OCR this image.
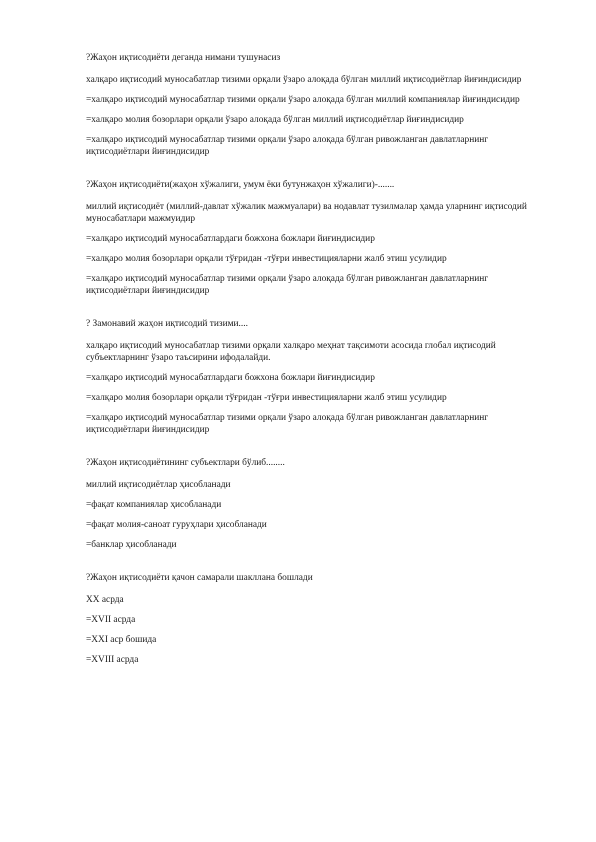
?Жаҳон иқтисодиёти деганда нимани тушунасиз

халқаро иқтисодий муносабатлар тизими орқали ўзаро алоқада бўлган миллий иқтисодиётлар йиғиндисидир

=халқаро иқтисодий муносабатлар тизими орқали ўзаро алоқада бўлган миллий компаниялар йиғиндисидир

=халқаро молия бозорлари орқали ўзаро алоқада бўлган миллий иқтисодиётлар йиғиндисидир

=халқаро иқтисодий муносабатлар тизими орқали ўзаро алоқада бўлган ривожланган давлатларнинг иқтисодиётлари йиғиндисидир

?Жаҳон иқтисодиёти(жаҳон хўжалиги, умум ёки бутунжаҳон хўжалиги)-.......

миллий иқтисодиёт (миллий-давлат хўжалик мажмуалари) ва нодавлат тузилмалар ҳамда уларнинг иқтисодий муносабатлари мажмуидир

=халқаро иқтисодий муносабатлардаги божхона божлари йиғиндисидир

=халқаро молия бозорлари орқали тўғридан -тўғри инвестицияларни жалб этиш усулидир

=халқаро иқтисодий муносабатлар тизими орқали ўзаро алоқада бўлган ривожланган давлатларнинг иқтисодиётлари йиғиндисидир

? Замонавий жаҳон иқтисодий тизими....

халқаро иқтисодий муносабатлар тизими орқали халқаро меҳнат тақсимоти асосида глобал иқтисодий субъектларнинг ўзаро таъсирини ифодалайди.

=халқаро иқтисодий муносабатлардаги божхона божлари йиғиндисидир

=халқаро молия бозорлари орқали тўғридан -тўғри инвестицияларни жалб этиш усулидир

=халқаро иқтисодий муносабатлар тизими орқали ўзаро алоқада бўлган ривожланган давлатларнинг иқтисодиётлари йиғиндисидир

?Жаҳон иқтисодиётининг субъектлари бўлиб........

миллий иқтисодиётлар ҳисобланади

=фақат компаниялар ҳисобланади

=фақат молия-саноат гуруҳлари ҳисобланади

=банклар ҳисобланади

?Жаҳон иқтисодиёти қачон самарали шакллана бошлади

XX асрда

=XVII асрда

=XXI аср бошида

=XVIII асрда
